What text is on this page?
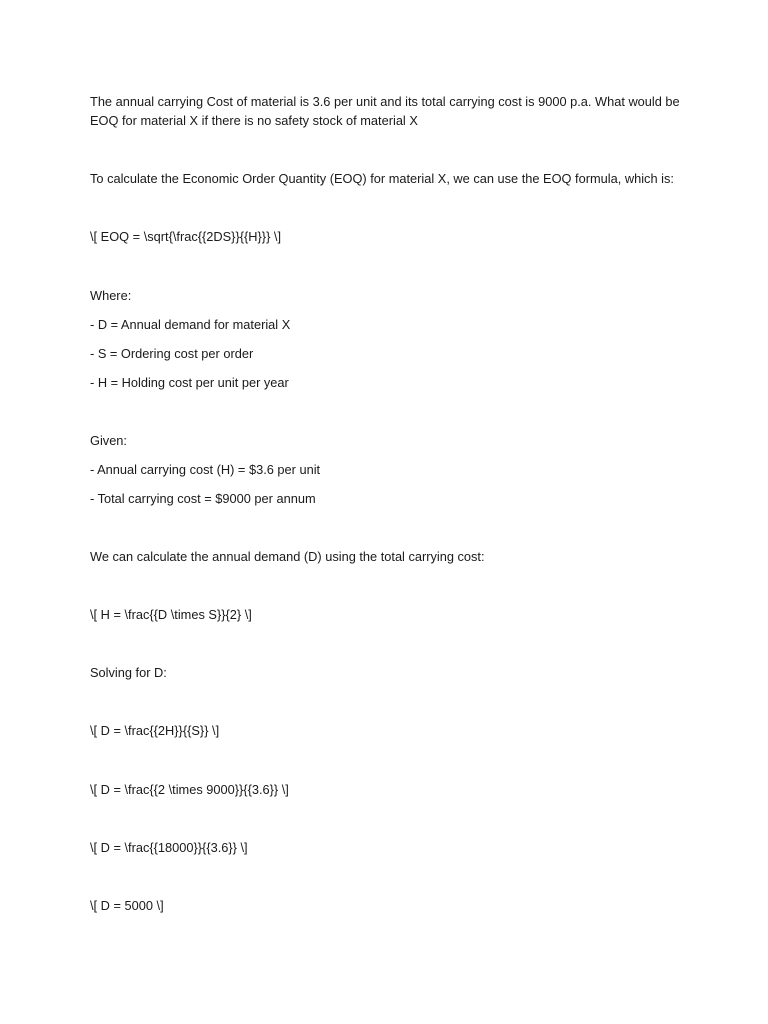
The annual carrying Cost of material is 3.6 per unit and its total carrying cost is 9000 p.a. What would be
EOQ for material X if there is no safety stock of material X
To calculate the Economic Order Quantity (EOQ) for material X, we can use the EOQ formula, which is:
\[ EOQ = \sqrt{\frac{{2DS}}{{H}}} \]
Where:
- D = Annual demand for material X
- S = Ordering cost per order
- H = Holding cost per unit per year
Given:
- Annual carrying cost (H) = $3.6 per unit
- Total carrying cost = $9000 per annum
We can calculate the annual demand (D) using the total carrying cost:
\[ H = \frac{{D \times S}}{2} \]
Solving for D:
\[ D = \frac{{2H}}{{S}} \]
\[ D = \frac{{2 \times 9000}}{{3.6}} \]
\[ D = \frac{{18000}}{{3.6}} \]
\[ D = 5000 \]
